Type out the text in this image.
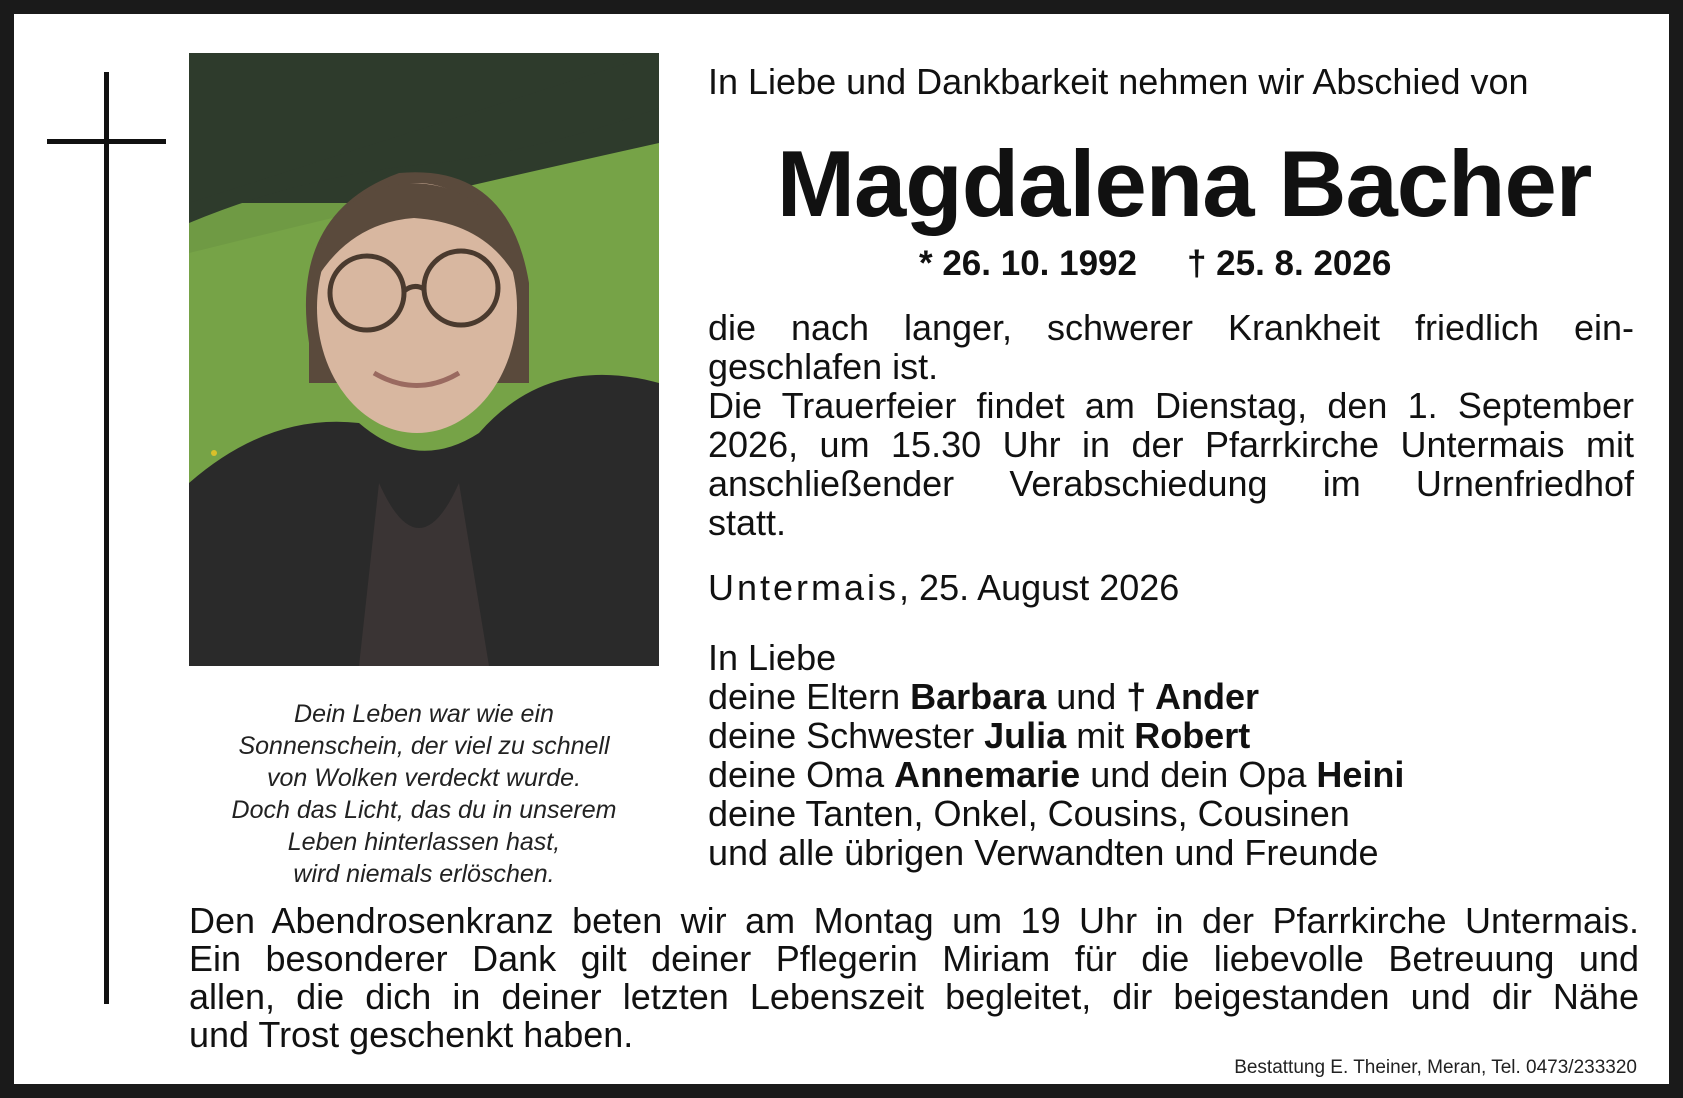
Dein Leben war wie ein
Sonnenschein, der viel zu schnell
von Wolken verdeckt wurde.
Doch das Licht, das du in unserem
Leben hinterlassen hast,
wird niemals erlöschen.
In Liebe und Dankbarkeit nehmen wir Abschied von
Magdalena Bacher
* 26. 10. 1992 † 25. 8. 2026

die nach langer, schwerer Krankheit friedlich ein-

geschlafen ist.

Die Trauerfeier findet am Dienstag, den 1. September

2026, um 15.30 Uhr in der Pfarrkirche Untermais mit

anschließender Verabschiedung im Urnenfriedhof

statt.

Untermais, 25. August 2026
In Liebe
deine Eltern Barbara und † Ander
deine Schwester Julia mit Robert
deine Oma Annemarie und dein Opa Heini
deine Tanten, Onkel, Cousins, Cousinen
und alle übrigen Verwandten und Freunde

Den Abendrosenkranz beten wir am Montag um 19 Uhr in der Pfarrkirche Untermais.

Ein besonderer Dank gilt deiner Pflegerin Miriam für die liebevolle Betreuung und

allen, die dich in deiner letzten Lebenszeit begleitet, dir beigestanden und dir Nähe

und Trost geschenkt haben.

Bestattung E. Theiner, Meran, Tel. 0473/233320
